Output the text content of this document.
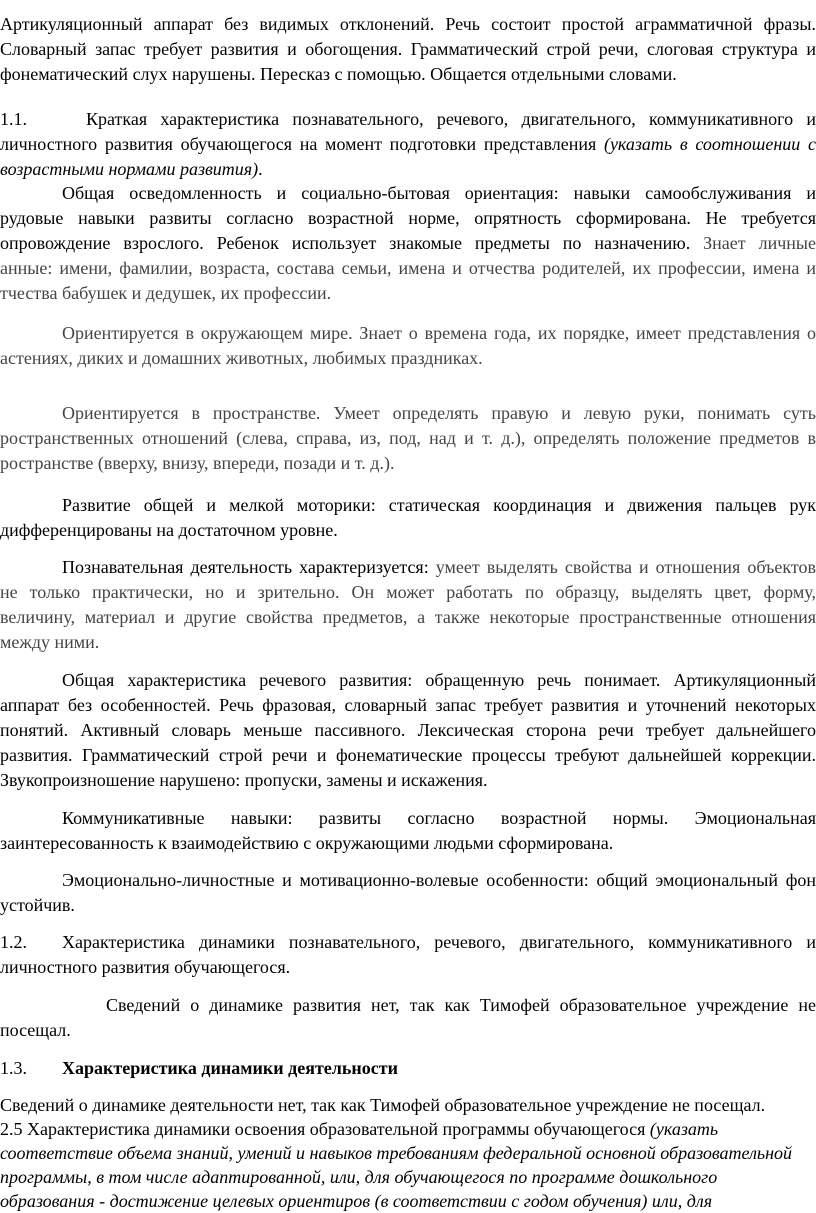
Артикуляционный аппарат без видимых отклонений. Речь состоит простой аграмматичной фразы.
Словарный запас требует развития и обогощения. Грамматический строй речи, слоговая структура и
фонематический слух нарушены. Пересказ с помощью. Общается отдельными словами.
1.1.	Краткая характеристика познавательного, речевого, двигательного, коммуникативного и
личностного развития обучающегося на момент подготовки представления (указать в соотношении с
возрастными нормами развития).
Общая осведомленность и социально-бытовая ориентация: навыки самообслуживания и
рудовые навыки развиты согласно возрастной норме, опрятность сформирована. Не требуется
опровождение взрослого. Ребенок использует знакомые предметы по назначению. Знает личные
анные: имени, фамилии, возраста, состава семьи, имена и отчества родителей, их профессии, имена и
тчества бабушек и дедушек, их профессии.
Ориентируется в окружающем мире. Знает о времена года, их порядке, имеет представления о
астениях, диких и домашних животных, любимых праздниках.
Ориентируется в пространстве. Умеет определять правую и левую руки, понимать суть
ространственных отношений (слева, справа, из, под, над и т. д.), определять положение предметов в
ространстве (вверху, внизу, впереди, позади и т. д.).
Развитие общей и мелкой моторики: статическая координация и движения пальцев рук
дифференцированы на достаточном уровне.
Познавательная деятельность характеризуется: умеет выделять свойства и отношения объектов
не только практически, но и зрительно. Он может работать по образцу, выделять цвет, форму,
величину, материал и другие свойства предметов, а также некоторые пространственные отношения
между ними.
Общая характеристика речевого развития: обращенную речь понимает. Артикуляционный
аппарат без особенностей. Речь фразовая, словарный запас требует развития и уточнений некоторых
понятий. Активный словарь меньше пассивного. Лексическая сторона речи требует дальнейшего
развития. Грамматический строй речи и фонематические процессы требуют дальнейшей коррекции.
Звукопроизношение нарушено: пропуски, замены и искажения.
Коммуникативные навыки: развиты согласно возрастной нормы. Эмоциональная
заинтересованность к взаимодействию с окружающими людьми сформирована.
Эмоционально-личностные и мотивационно-волевые особенности: общий эмоциональный фон
устойчив.
1.2. Характеристика динамики познавательного, речевого, двигательного, коммуникативного и
личностного развития обучающегося.
Сведений о динамике развития нет, так как Тимофей образовательное учреждение не
посещал.
1.3. Характеристика динамики деятельности
Сведений о динамике деятельности нет, так как Тимофей образовательное учреждение не посещал.
2.5 Характеристика динамики освоения образовательной программы обучающегося (указать
соответствие объема знаний, умений и навыков требованиям федеральной основной образовательной
программы, в том числе адаптированной, или, для обучающегося по программе дошкольного
образования - достижение целевых ориентиров (в соответствии с годом обучения) или, для
